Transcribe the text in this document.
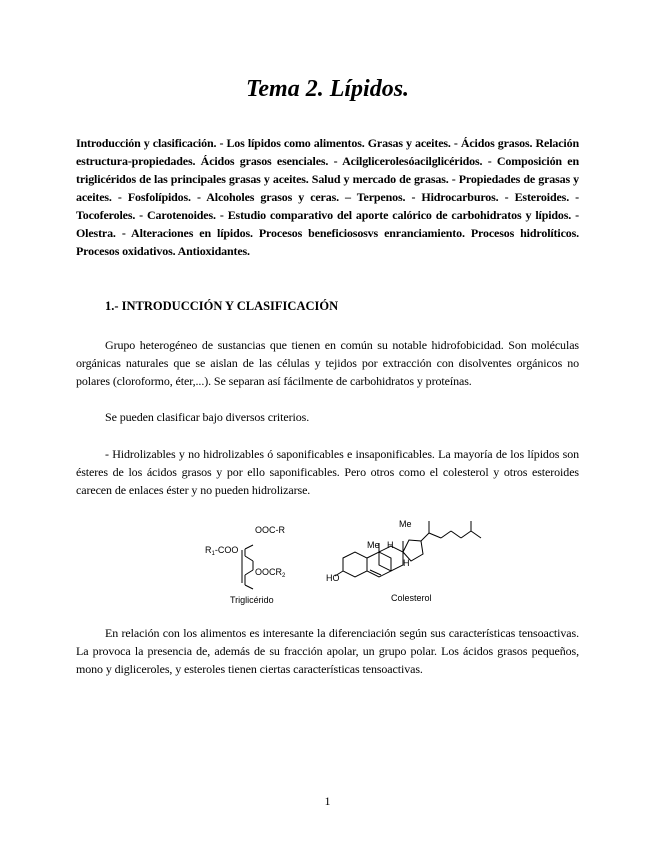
Tema 2. Lípidos.

Introducción y clasificación. - Los lípidos como alimentos. Grasas y aceites. - Ácidos grasos. Relación estructura-propiedades. Ácidos grasos esenciales. - Acilglicerolesóacilglicéridos. - Composición en triglicéridos de las principales grasas y aceites. Salud y mercado de grasas. - Propiedades de grasas y aceites. - Fosfolípidos. - Alcoholes grasos y ceras. – Terpenos. - Hidrocarburos. - Esteroides. - Tocoferoles. - Carotenoides. - Estudio comparativo del aporte calórico de carbohidratos y lípidos. - Olestra. - Alteraciones en lípidos. Procesos beneficiososvs enranciamiento. Procesos hidrolíticos. Procesos oxidativos. Antioxidantes.

1.- INTRODUCCIÓN Y CLASIFICACIÓN

Grupo heterogéneo de sustancias que tienen en común su notable hidrofobicidad. Son moléculas orgánicas naturales que se aislan de las células y tejidos por extracción con disolventes orgánicos no polares (cloroformo, éter,...). Se separan así fácilmente de carbohidratos y proteínas.

Se pueden clasificar bajo diversos criterios.

- Hidrolizables y no hidrolizables ó saponificables e insaponificables. La mayoría de los lípidos son ésteres de los ácidos grasos y por ello saponificables. Pero otros como el colesterol y otros esteroides carecen de enlaces éster y no pueden hidrolizarse.

OOC-R
$R_1$-COO
$OOCR_2$
Me
Me H
H
HO

Triglicérido	Colesterol

En relación con los alimentos es interesante la diferenciación según sus características tensoactivas. La provoca la presencia de, además de su fracción apolar, un grupo polar. Los ácidos grasos pequeños, mono y digliceroles, y esteroles tienen ciertas características tensoactivas.

1
